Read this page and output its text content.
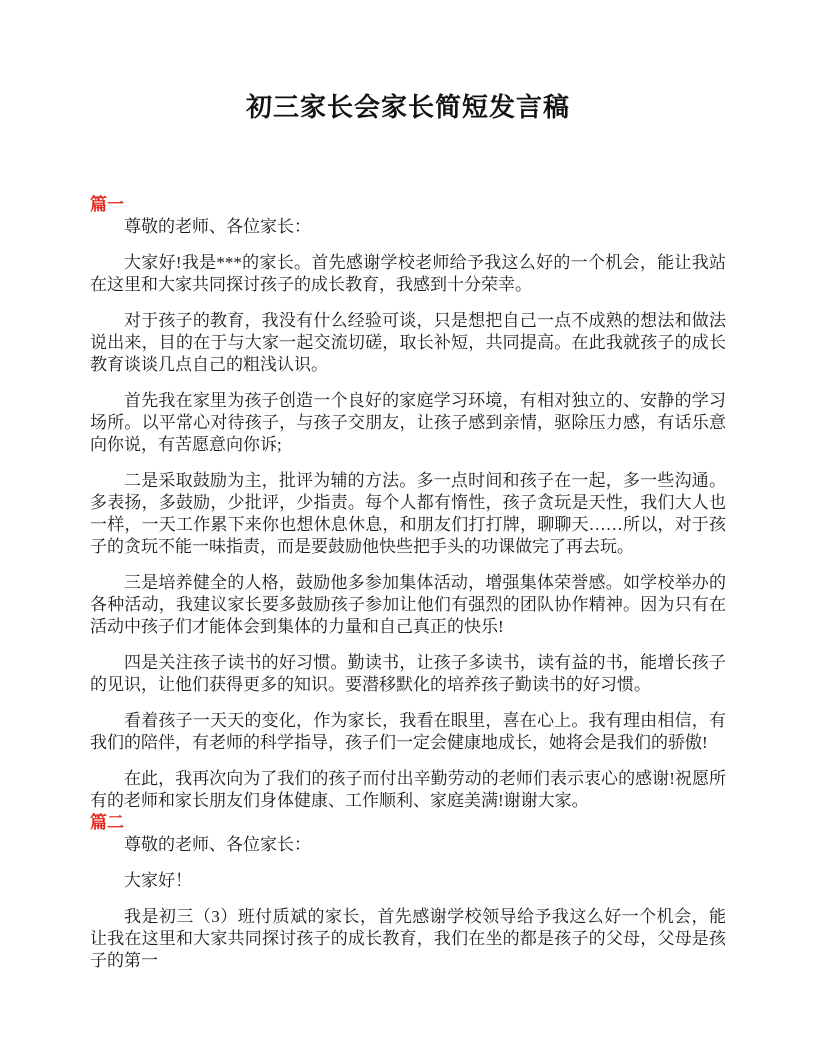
初三家长会家长简短发言稿
篇一

尊敬的老师、各位家长：

大家好!我是***的家长。首先感谢学校老师给予我这么好的一个机会，能让我站在这里和大家共同探讨孩子的成长教育，我感到十分荣幸。

对于孩子的教育，我没有什么经验可谈，只是想把自己一点不成熟的想法和做法说出来，目的在于与大家一起交流切磋，取长补短，共同提高。在此我就孩子的成长教育谈谈几点自己的粗浅认识。

首先我在家里为孩子创造一个良好的家庭学习环境，有相对独立的、安静的学习场所。以平常心对待孩子，与孩子交朋友，让孩子感到亲情，驱除压力感，有话乐意向你说，有苦愿意向你诉;

二是采取鼓励为主，批评为辅的方法。多一点时间和孩子在一起，多一些沟通。多表扬，多鼓励，少批评，少指责。每个人都有惰性，孩子贪玩是天性，我们大人也一样，一天工作累下来你也想休息休息，和朋友们打打牌，聊聊天……所以，对于孩子的贪玩不能一味指责，而是要鼓励他快些把手头的功课做完了再去玩。

三是培养健全的人格，鼓励他多参加集体活动，增强集体荣誉感。如学校举办的各种活动，我建议家长要多鼓励孩子参加让他们有强烈的团队协作精神。因为只有在活动中孩子们才能体会到集体的力量和自己真正的快乐!

四是关注孩子读书的好习惯。勤读书，让孩子多读书，读有益的书，能增长孩子的见识，让他们获得更多的知识。要潜移默化的培养孩子勤读书的好习惯。

看着孩子一天天的变化，作为家长，我看在眼里，喜在心上。我有理由相信，有我们的陪伴，有老师的科学指导，孩子们一定会健康地成长，她将会是我们的骄傲!

在此，我再次向为了我们的孩子而付出辛勤劳动的老师们表示衷心的感谢!祝愿所有的老师和家长朋友们身体健康、工作顺利、家庭美满!谢谢大家。

篇二

尊敬的老师、各位家长：

大家好！

我是初三（3）班付质斌的家长，首先感谢学校领导给予我这么好一个机会，能让我在这里和大家共同探讨孩子的成长教育，我们在坐的都是孩子的父母，父母是孩子的第一
